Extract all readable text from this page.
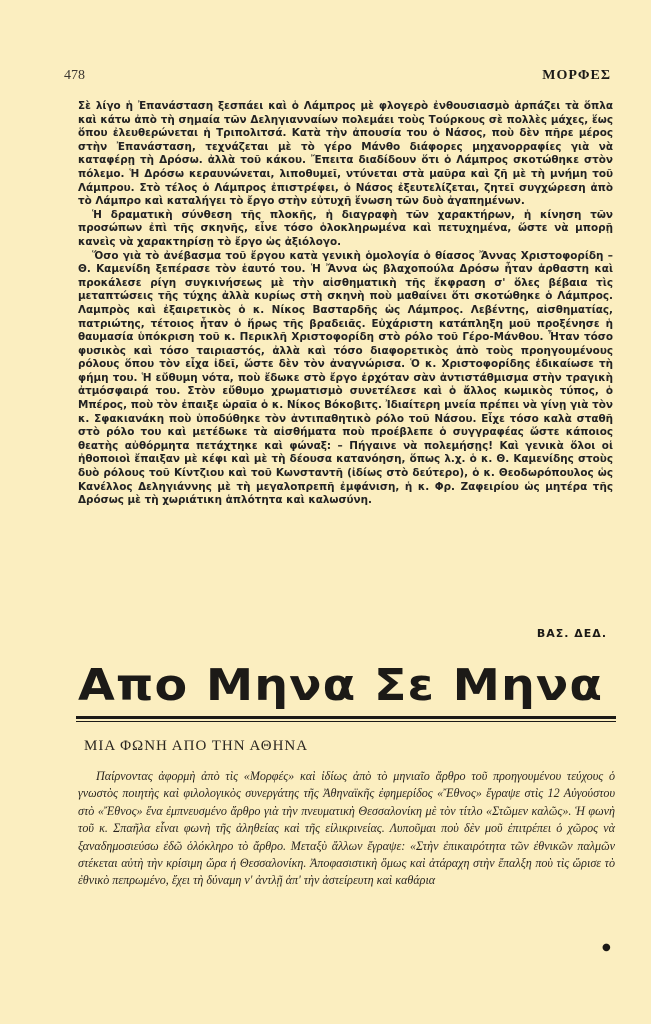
478	ΜΟΡΦΕΣ

Σὲ λίγο ἡ Ἐπανάσταση ξεσπάει καὶ ὁ Λάμπρος μὲ φλογερὸ ἐνθουσιασμὸ ἁρπάζει τὰ ὅπλα καὶ κάτω ἀπὸ τὴ σημαία τῶν Δεληγιανναίων πολεμάει τοὺς Τούρκους σὲ πολλὲς μάχες, ἕως ὅπου ἐλευθερώνεται ἡ Τριπολιτσά. Κατὰ τὴν ἀπουσία του ὁ Νάσος, ποὺ δὲν πῆρε μέρος στὴν Ἐπανάσταση, τεχνάζεται μὲ τὸ γέρο Μάνθο διάφορες μηχανορραφίες γιὰ νὰ καταφέρῃ τὴ Δρόσω. ἀλλὰ τοῦ κάκου. Ἔπειτα διαδίδουν ὅτι ὁ Λάμπρος σκοτώθηκε στὸν πόλεμο. Ἡ Δρόσω κεραυνώνεται, λιποθυμεῖ, ντύνεται στὰ μαῦρα καὶ ζῆ μὲ τὴ μνήμη τοῦ Λάμπρου. Στὸ τέλος ὁ Λάμπρος ἐπιστρέφει, ὁ Νάσος ἐξευτελίζεται, ζητεῖ συγχώρεση ἀπὸ τὸ Λάμπρο καὶ καταλήγει τὸ ἔργο στὴν εὐτυχῆ ἕνωση τῶν δυὸ ἀγαπημένων.

Ἡ δραματικὴ σύνθεση τῆς πλοκῆς, ἡ διαγραφὴ τῶν χαρακτήρων, ἡ κίνηση τῶν προσώπων ἐπὶ τῆς σκηνῆς, εἶνε τόσο ὁλοκληρωμένα καὶ πετυχημένα, ὥστε νὰ μπορῇ κανεὶς νὰ χαρακτηρίσῃ τὸ ἔργο ὡς ἀξιόλογο.

Ὅσο γιὰ τὸ ἀνέβασμα τοῦ ἔργου κατὰ γενικὴ ὁμολογία ὁ θίασος Ἄννας Χριστοφορίδη – Θ. Καμενίδη ξεπέρασε τὸν ἑαυτό του. Ἡ Ἄννα ὡς βλαχοπούλα Δρόσω ἦταν ἀρθαστη καὶ προκάλεσε ρίγη συγκινήσεως μὲ τὴν αἰσθηματικὴ τῆς ἔκφραση σ' ὅλες βέβαια τὶς μεταπτώσεις τῆς τύχης ἀλλὰ κυρίως στὴ σκηνὴ ποὺ μαθαίνει ὅτι σκοτώθηκε ὁ Λάμπρος. Λαμπρὸς καὶ ἐξαιρετικὸς ὁ κ. Νίκος Βασταρδῆς ὡς Λάμπρος. Λεβέντης, αἰσθηματίας, πατριώτης, τέτοιος ἦταν ὁ ἥρως τῆς βραδειᾶς. Εὐχάριστη κατάπληξη μοῦ προξένησε ἡ θαυμασία ὑπόκριση τοῦ κ. Περικλῆ Χριστοφορίδη στὸ ρόλο τοῦ Γέρο-Μάνθου. Ἦταν τόσο φυσικὸς καὶ τόσο ταιριαστός, ἀλλὰ καὶ τόσο διαφορετικὸς ἀπὸ τοὺς προηγουμένους ρόλους ὅπου τὸν εἶχα ἰδεῖ, ὥστε δὲν τὸν ἀναγνώρισα. Ὁ κ. Χριστοφορίδης ἐδικαίωσε τὴ φήμη του. Ἡ εὔθυμη νότα, ποὺ ἔδωκε στὸ ἔργο ἐρχόταν σὰν ἀντιστάθμισμα στὴν τραγικὴ ἀτμόσφαιρά του. Στὸν εὔθυμο χρωματισμὸ συνετέλεσε καὶ ὁ ἄλλος κωμικὸς τύπος, ὁ Μπέρος, ποὺ τὸν ἐπαιξε ὡραῖα ὁ κ. Νίκος Βόκοβιτς. Ἰδιαίτερη μνεία πρέπει νὰ γίνῃ γιὰ τὸν κ. Σφακιανάκη ποὺ ὑποδύθηκε τὸν ἀντιπαθητικὸ ρόλο τοῦ Νάσου. Εἶχε τόσο καλὰ σταθῆ στὸ ρόλο του καὶ μετέδωκε τὰ αἰσθήματα ποὺ προέβλεπε ὁ συγγραφέας ὥστε κάποιος θεατὴς αὐθόρμητα πετάχτηκε καὶ φώναξ: – Πήγαινε νὰ πολεμήσῃς! Καὶ γενικὰ ὅλοι οἱ ἠθοποιοὶ ἔπαιξαν μὲ κέφι καὶ μὲ τὴ δέουσα κατανόηση, ὅπως λ.χ. ὁ κ. Θ. Καμενίδης στοὺς δυὸ ρόλους τοῦ Κίντζιου καὶ τοῦ Κωνσταντῆ (ἰδίως στὸ δεύτερο), ὁ κ. Θεοδωρόπουλος ὡς Κανέλλος Δεληγιάννης μὲ τὴ μεγαλοπρεπῆ ἐμφάνιση, ἡ κ. Φρ. Ζαφειρίου ὡς μητέρα τῆς Δρόσως μὲ τὴ χωριάτικη ἁπλότητα καὶ καλωσύνη.

ΒΑΣ. ΔΕΔ.
Απο Μηνα Σε Μηνα
ΜΙΑ ΦΩΝΗ ΑΠΟ ΤΗΝ ΑΘΗΝΑ

Παίρνοντας ἀφορμὴ ἀπὸ τὶς «Μορφές» καὶ ἰδίως ἀπὸ τὸ μηνιαῖο ἄρθρο τοῦ προηγουμένου τεύχους ὁ γνωστὸς ποιητὴς καὶ φιλολογικὸς συνεργάτης τῆς Ἀθηναϊκῆς ἐφημερίδος «Ἔθνος» ἔγραψε στὶς 12 Αὐγούστου στὸ «Ἔθνος» ἕνα ἐμπνευσμένο ἄρθρο γιὰ τὴν πνευματικὴ Θεσσαλονίκη μὲ τὸν τίτλο «Στῶμεν καλῶς». Ἡ φωνὴ τοῦ κ. Σπαῆλα εἶναι φωνὴ τῆς ἀληθείας καὶ τῆς εἰλικρινείας. Λυποῦμαι ποὺ δὲν μοῦ ἐπιτρέπει ὁ χῶρος νὰ ξαναδημοσιεύσω ἐδῶ ὁλόκληρο τὸ ἄρθρο. Μεταξὺ ἄλλων ἔγραψε: «Στὴν ἐπικαιρότητα τῶν ἐθνικῶν παλμῶν στέκεται αὐτὴ τὴν κρίσιμη ὥρα ἡ Θεσσαλονίκη. Ἀποφασιστικὴ ὅμως καὶ ἀτάραχη στὴν ἔπαλξη ποὺ τὶς ὥρισε τὸ ἐθνικὸ πεπρωμένο, ἔχει τὴ δύναμη ν' ἀντλῇ ἀπ' τὴν ἀστείρευτη καὶ καθάρια

●
